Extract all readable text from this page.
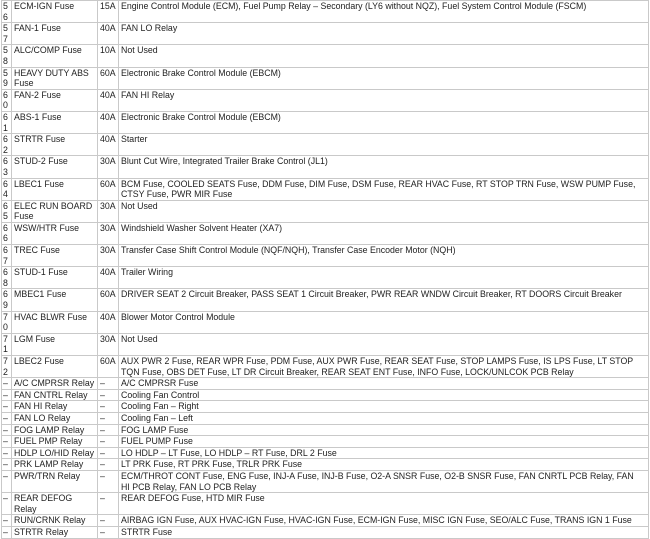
56	ECM-IGN Fuse	15A	Engine Control Module (ECM), Fuel Pump Relay – Secondary (LY6 without NQZ), Fuel System Control Module (FSCM)
57	FAN-1 Fuse	40A	FAN LO Relay
58	ALC/COMP Fuse	10A	Not Used
59	HEAVY DUTY ABS Fuse	60A	Electronic Brake Control Module (EBCM)
60	FAN-2 Fuse	40A	FAN HI Relay
61	ABS-1 Fuse	40A	Electronic Brake Control Module (EBCM)
62	STRTR Fuse	40A	Starter
63	STUD-2 Fuse	30A	Blunt Cut Wire, Integrated Trailer Brake Control (JL1)
64	LBEC1 Fuse	60A	BCM Fuse, COOLED SEATS Fuse, DDM Fuse, DIM Fuse, DSM Fuse, REAR HVAC Fuse, RT STOP TRN Fuse, WSW PUMP Fuse, CTSY Fuse, PWR MIR Fuse
65	ELEC RUN BOARD Fuse	30A	Not Used
66	WSW/HTR Fuse	30A	Windshield Washer Solvent Heater (XA7)
67	TREC Fuse	30A	Transfer Case Shift Control Module (NQF/NQH), Transfer Case Encoder Motor (NQH)
68	STUD-1 Fuse	40A	Trailer Wiring
69	MBEC1 Fuse	60A	DRIVER SEAT 2 Circuit Breaker, PASS SEAT 1 Circuit Breaker, PWR REAR WNDW Circuit Breaker, RT DOORS Circuit Breaker
70	HVAC BLWR Fuse	40A	Blower Motor Control Module
71	LGM Fuse	30A	Not Used
72	LBEC2 Fuse	60A	AUX PWR 2 Fuse, REAR WPR Fuse, PDM Fuse, AUX PWR Fuse, REAR SEAT Fuse, STOP LAMPS Fuse, IS LPS Fuse, LT STOP TQN Fuse, OBS DET Fuse, LT DR Circuit Breaker, REAR SEAT ENT Fuse, INFO Fuse, LOCK/UNLCOK PCB Relay
–	A/C CMPRSR Relay	–	A/C CMPRSR Fuse
–	FAN CNTRL Relay	–	Cooling Fan Control
–	FAN HI Relay	–	Cooling Fan – Right
–	FAN LO Relay	–	Cooling Fan – Left
–	FOG LAMP Relay	–	FOG LAMP Fuse
–	FUEL PMP Relay	–	FUEL PUMP Fuse
–	HDLP LO/HID Relay	–	LO HDLP – LT Fuse, LO HDLP – RT Fuse, DRL 2 Fuse
–	PRK LAMP Relay	–	LT PRK Fuse, RT PRK Fuse, TRLR PRK Fuse
–	PWR/TRN Relay	–	ECM/THROT CONT Fuse, ENG Fuse, INJ-A Fuse, INJ-B Fuse, O2-A SNSR Fuse, O2-B SNSR Fuse, FAN CNRTL PCB Relay, FAN HI PCB Relay, FAN LO PCB Relay
–	REAR DEFOG Relay	–	REAR DEFOG Fuse, HTD MIR Fuse
–	RUN/CRNK Relay	–	AIRBAG IGN Fuse, AUX HVAC-IGN Fuse, HVAC-IGN Fuse, ECM-IGN Fuse, MISC IGN Fuse, SEO/ALC Fuse, TRANS IGN 1 Fuse
–	STRTR Relay	–	STRTR Fuse
